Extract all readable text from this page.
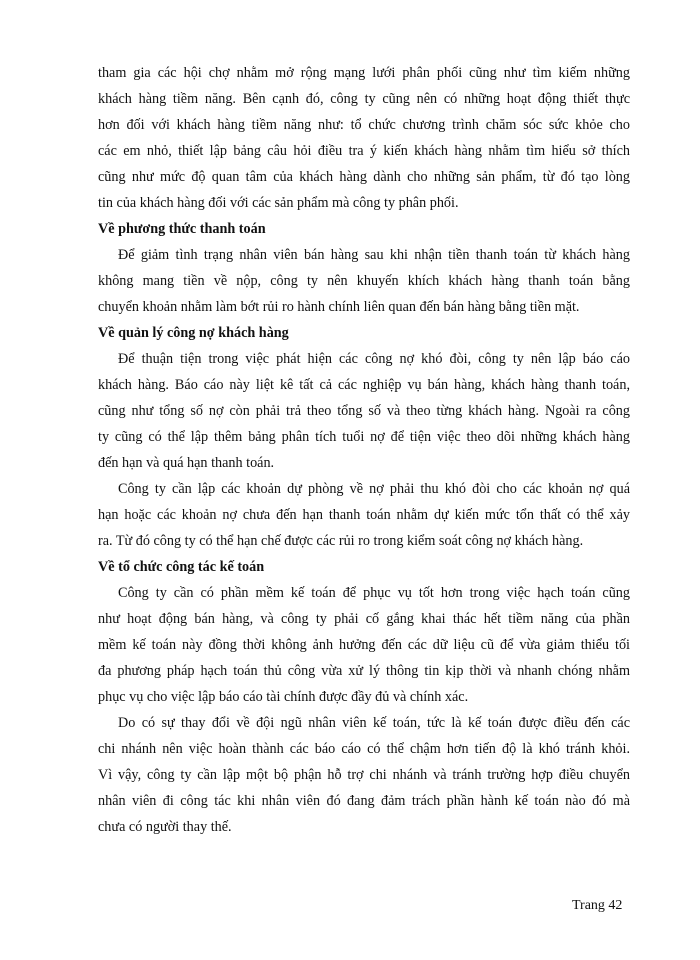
tham gia các hội chợ nhằm mở rộng mạng lưới phân phối cũng như tìm kiếm những
khách hàng tiềm năng. Bên cạnh đó, công ty cũng nên có những hoạt động thiết thực
hơn đối với khách hàng tiềm năng như: tổ chức chương trình chăm sóc sức khỏe cho
các em nhỏ, thiết lập bảng câu hỏi điều tra ý kiến khách hàng nhằm tìm hiểu sở thích
cũng như mức độ quan tâm của khách hàng dành cho những sản phẩm, từ đó tạo lòng
tin của khách hàng đối với các sản phẩm mà công ty phân phối.
Về phương thức thanh toán
Để giảm tình trạng nhân viên bán hàng sau khi nhận tiền thanh toán từ khách hàng
không mang tiền về nộp, công ty nên khuyến khích khách hàng thanh toán bằng
chuyển khoản nhằm làm bớt rủi ro hành chính liên quan đến bán hàng bằng tiền mặt.
Về quản lý công nợ khách hàng
Để thuận tiện trong việc phát hiện các công nợ khó đòi, công ty nên lập báo cáo
khách hàng. Báo cáo này liệt kê tất cả các nghiệp vụ bán hàng, khách hàng thanh toán,
cũng như tổng số nợ còn phải trả theo tổng số và theo từng khách hàng. Ngoài ra công
ty cũng có thể lập thêm bảng phân tích tuổi nợ để tiện việc theo dõi những khách hàng
đến hạn và quá hạn thanh toán.
Công ty cần lập các khoản dự phòng về nợ phải thu khó đòi cho các khoản nợ quá
hạn hoặc các khoản nợ chưa đến hạn thanh toán nhằm dự kiến mức tổn thất có thể xảy
ra. Từ đó công ty có thể hạn chế được các rủi ro trong kiểm soát công nợ khách hàng.
Về tổ chức công tác kế toán
Công ty cần có phần mềm kế toán để phục vụ tốt hơn trong việc hạch toán cũng
như hoạt động bán hàng, và công ty phải cố gắng khai thác hết tiềm năng của phần
mềm kế toán này đồng thời không ảnh hưởng đến các dữ liệu cũ để vừa giảm thiểu tối
đa phương pháp hạch toán thủ công vừa xử lý thông tin kịp thời và nhanh chóng nhằm
phục vụ cho việc lập báo cáo tài chính được đầy đủ và chính xác.
Do có sự thay đổi về đội ngũ nhân viên kế toán, tức là kế toán được điều đến các
chi nhánh nên việc hoàn thành các báo cáo có thể chậm hơn tiến độ là khó tránh khỏi.
Vì vậy, công ty cần lập một bộ phận hỗ trợ chi nhánh và tránh trường hợp điều chuyển
nhân viên đi công tác khi nhân viên đó đang đảm trách phần hành kế toán nào đó mà
chưa có người thay thế.
Trang 42
